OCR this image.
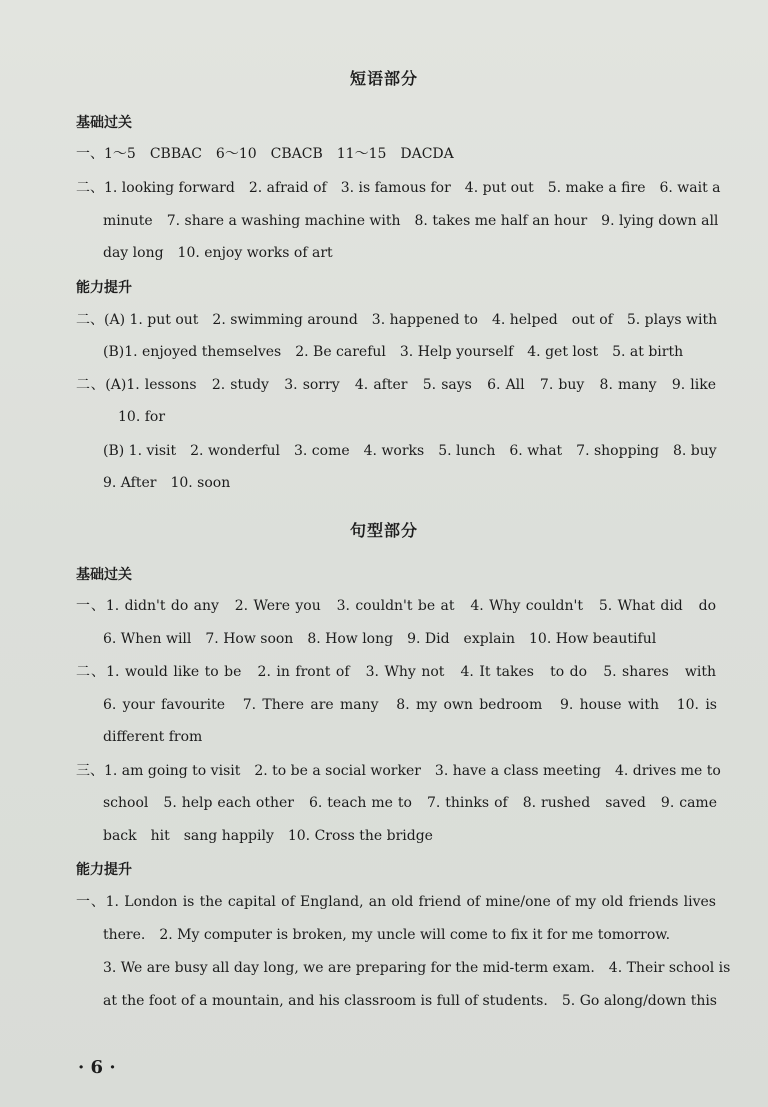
短语部分
基础过关
一、1～5　CBBAC　6～10　CBACB　11～15　DACDA
二、1. looking forward　2. afraid of　3. is famous for　4. put out　5. make a fire　6. wait a
minute　7. share a washing machine with　8. takes me half an hour　9. lying down all
day long　10. enjoy works of art
能力提升
二、(A) 1. put out　2. swimming around　3. happened to　4. helped　out of　5. plays with
(B)1. enjoyed themselves　2. Be careful　3. Help yourself　4. get lost　5. at birth
二、(A)1. lessons　2. study　3. sorry　4. after　5. says　6. All　7. buy　8. many　9. like
10. for
(B) 1. visit　2. wonderful　3. come　4. works　5. lunch　6. what　7. shopping　8. buy
9. After　10. soon
句型部分
基础过关
一、1. didn't do any　2. Were you　3. couldn't be at　4. Why couldn't　5. What did　do
6. When will　7. How soon　8. How long　9. Did　explain　10. How beautiful
二、1. would like to be　2. in front of　3. Why not　4. It takes　to do　5. shares　with
6. your favourite　7. There are many　8. my own bedroom　9. house with　10. is
different from
三、1. am going to visit　2. to be a social worker　3. have a class meeting　4. drives me to
school　5. help each other　6. teach me to　7. thinks of　8. rushed　saved　9. came
back　hit　sang happily　10. Cross the bridge
能力提升
一、1. London is the capital of England, an old friend of mine/one of my old friends lives
there.　2. My computer is broken, my uncle will come to fix it for me tomorrow.
3. We are busy all day long, we are preparing for the mid-term exam.　4. Their school is
at the foot of a mountain, and his classroom is full of students.　5. Go along/down this
· 6 ·
